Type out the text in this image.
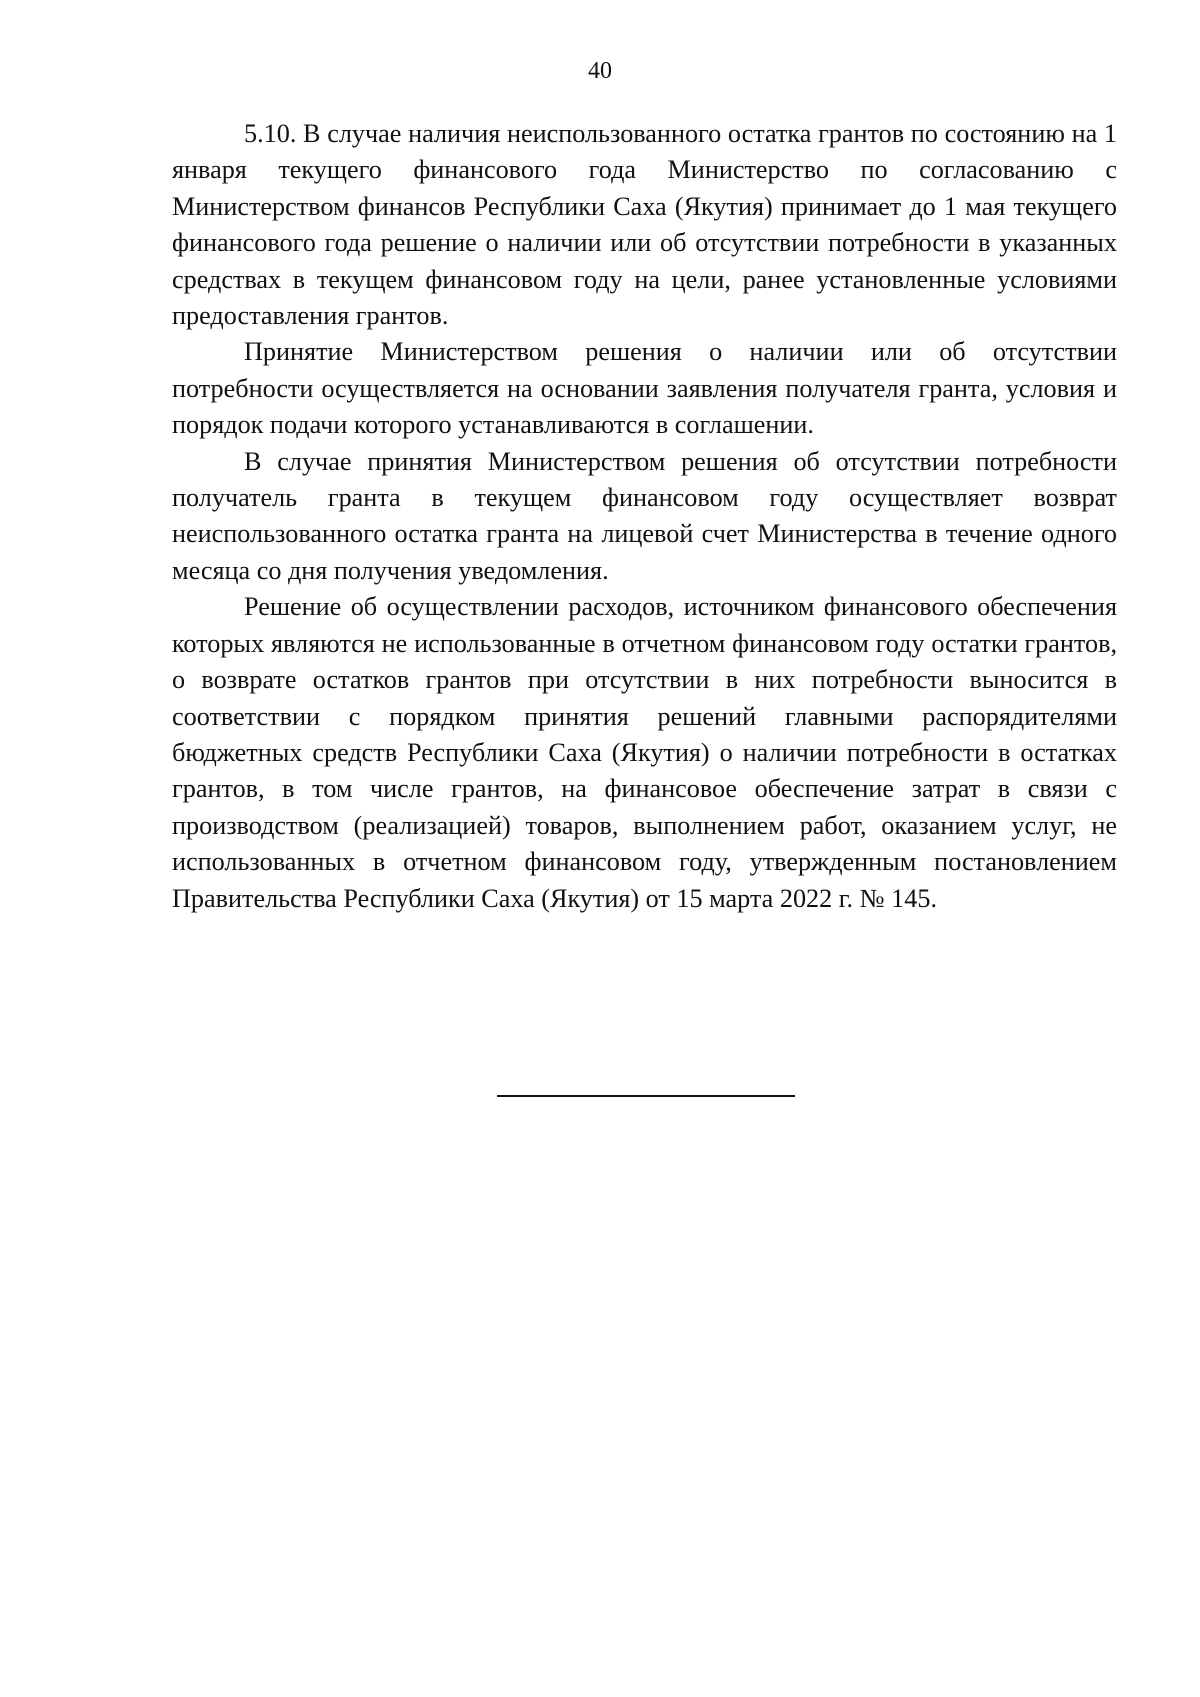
40

5.10. В случае наличия неиспользованного остатка грантов по состоянию на 1 января текущего финансового года Министерство по согласованию с Министерством финансов Республики Саха (Якутия) принимает до 1 мая текущего финансового года решение о наличии или об отсутствии потребности в указанных средствах в текущем финансовом году на цели, ранее установленные условиями предоставления грантов.

Принятие Министерством решения о наличии или об отсутствии потребности осуществляется на основании заявления получателя гранта, условия и порядок подачи которого устанавливаются в соглашении.

В случае принятия Министерством решения об отсутствии потребности получатель гранта в текущем финансовом году осуществляет возврат неиспользованного остатка гранта на лицевой счет Министерства в течение одного месяца со дня получения уведомления.

Решение об осуществлении расходов, источником финансового обеспечения которых являются не использованные в отчетном финансовом году остатки грантов, о возврате остатков грантов при отсутствии в них потребности выносится в соответствии с порядком принятия решений главными распорядителями бюджетных средств Республики Саха (Якутия) о наличии потребности в остатках грантов, в том числе грантов, на финансовое обеспечение затрат в связи с производством (реализацией) товаров, выполнением работ, оказанием услуг, не использованных в отчетном финансовом году, утвержденным постановлением Правительства Республики Саха (Якутия) от 15 марта 2022 г. № 145.
